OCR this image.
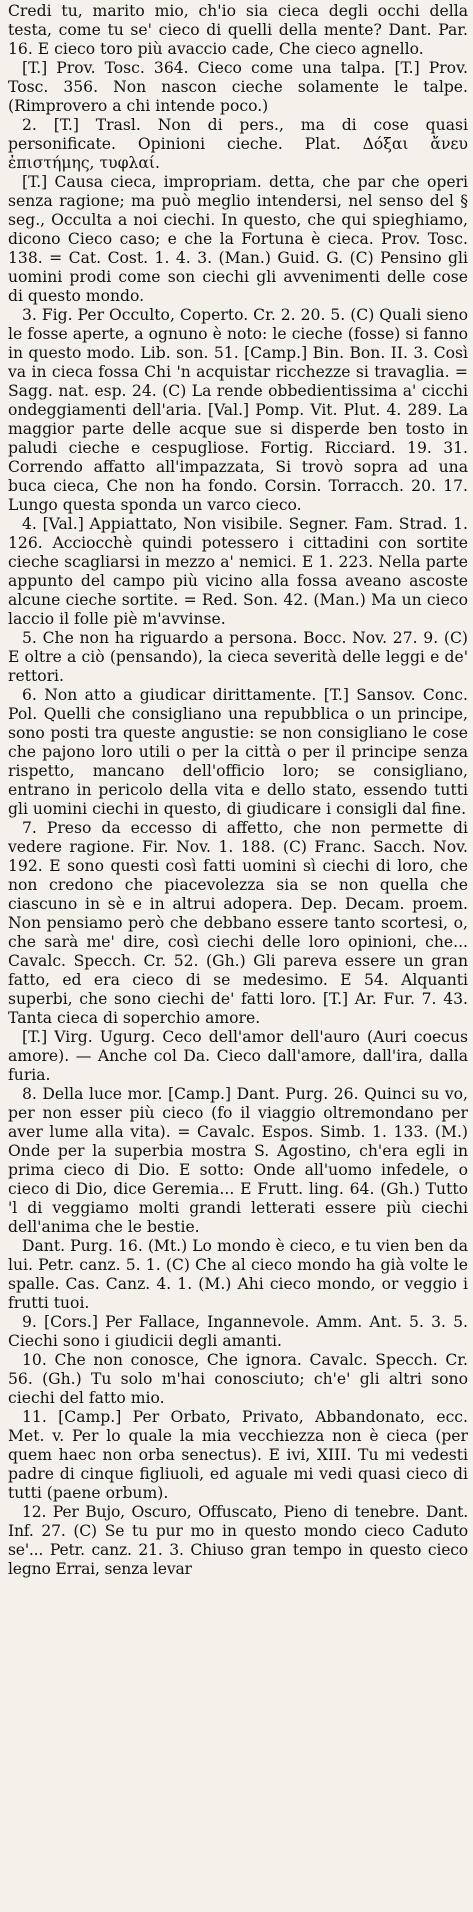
Credi tu, marito mio, ch'io sia cieca degli occhi della testa, come tu se' cieco di quelli della mente? Dant. Par. 16. E cieco toro più avaccio cade, Che cieco agnello.

[T.] Prov. Tosc. 364. Cieco come una talpa. [T.] Prov. Tosc. 356. Non nascon cieche solamente le talpe. (Rimprovero a chi intende poco.)

2. [T.] Trasl. Non di pers., ma di cose quasi personificate. Opinioni cieche. Plat. Δόξαι ἄνευ ἐπιστήμης, τυφλαί.

[T.] Causa cieca, impropriam. detta, che par che operi senza ragione; ma può meglio intendersi, nel senso del § seg., Occulta a noi ciechi. In questo, che qui spieghiamo, dicono Cieco caso; e che la Fortuna è cieca. Prov. Tosc. 138. = Cat. Cost. 1. 4. 3. (Man.) Guid. G. (C) Pensino gli uomini prodi come son ciechi gli avvenimenti delle cose di questo mondo.

3. Fig. Per Occulto, Coperto. Cr. 2. 20. 5. (C) Quali sieno le fosse aperte, a ognuno è noto: le cieche (fosse) si fanno in questo modo. Lib. son. 51. [Camp.] Bin. Bon. II. 3. Così va in cieca fossa Chi 'n acquistar ricchezze si travaglia. = Sagg. nat. esp. 24. (C) La rende obbedientissima a' cicchi ondeggiamenti dell'aria. [Val.] Pomp. Vit. Plut. 4. 289. La maggior parte delle acque sue si disperde ben tosto in paludi cieche e cespugliose. Fortig. Ricciard. 19. 31. Correndo affatto all'impazzata, Si trovò sopra ad una buca cieca, Che non ha fondo. Corsin. Torracch. 20. 17. Lungo questa sponda un varco cieco.

4. [Val.] Appiattato, Non visibile. Segner. Fam. Strad. 1. 126. Acciocchè quindi potessero i cittadini con sortite cieche scagliarsi in mezzo a' nemici. E 1. 223. Nella parte appunto del campo più vicino alla fossa aveano ascoste alcune cieche sortite. = Red. Son. 42. (Man.) Ma un cieco laccio il folle piè m'avvinse.

5. Che non ha riguardo a persona. Bocc. Nov. 27. 9. (C) E oltre a ciò (pensando), la cieca severità delle leggi e de' rettori.

6. Non atto a giudicar dirittamente. [T.] Sansov. Conc. Pol. Quelli che consigliano una repubblica o un principe, sono posti tra queste angustie: se non consigliano le cose che pajono loro utili o per la città o per il principe senza rispetto, mancano dell'officio loro; se consigliano, entrano in pericolo della vita e dello stato, essendo tutti gli uomini ciechi in questo, di giudicare i consigli dal fine.

7. Preso da eccesso di affetto, che non permette di vedere ragione. Fir. Nov. 1. 188. (C) Franc. Sacch. Nov. 192. E sono questi così fatti uomini sì ciechi di loro, che non credono che piacevolezza sia se non quella che ciascuno in sè e in altrui adopera. Dep. Decam. proem. Non pensiamo però che debbano essere tanto scortesi, o, che sarà me' dire, così ciechi delle loro opinioni, che... Cavalc. Specch. Cr. 52. (Gh.) Gli pareva essere un gran fatto, ed era cieco di se medesimo. E 54. Alquanti superbi, che sono ciechi de' fatti loro. [T.] Ar. Fur. 7. 43. Tanta cieca di soperchio amore.

[T.] Virg. Ugurg. Ceco dell'amor dell'auro (Auri coecus amore). — Anche col Da. Cieco dall'amore, dall'ira, dalla furia.

8. Della luce mor. [Camp.] Dant. Purg. 26. Quinci su vo, per non esser più cieco (fo il viaggio oltremondano per aver lume alla vita). = Cavalc. Espos. Simb. 1. 133. (M.) Onde per la superbia mostra S. Agostino, ch'era egli in prima cieco di Dio. E sotto: Onde all'uomo infedele, o cieco di Dio, dice Geremia... E Frutt. ling. 64. (Gh.) Tutto 'l di veggiamo molti grandi letterati essere più ciechi dell'anima che le bestie.

Dant. Purg. 16. (Mt.) Lo mondo è cieco, e tu vien ben da lui. Petr. canz. 5. 1. (C) Che al cieco mondo ha già volte le spalle. Cas. Canz. 4. 1. (M.) Ahi cieco mondo, or veggio i frutti tuoi.

9. [Cors.] Per Fallace, Ingannevole. Amm. Ant. 5. 3. 5. Ciechi sono i giudicii degli amanti.

10. Che non conosce, Che ignora. Cavalc. Specch. Cr. 56. (Gh.) Tu solo m'hai conosciuto; ch'e' gli altri sono ciechi del fatto mio.

11. [Camp.] Per Orbato, Privato, Abbandonato, ecc. Met. v. Per lo quale la mia vecchiezza non è cieca (per quem haec non orba senectus). E ivi, XIII. Tu mi vedesti padre di cinque figliuoli, ed aguale mi vedi quasi cieco di tutti (paene orbum).

12. Per Bujo, Oscuro, Offuscato, Pieno di tenebre. Dant. Inf. 27. (C) Se tu pur mo in questo mondo cieco Caduto se'... Petr. canz. 21. 3. Chiuso gran tempo in questo cieco legno Errai, senza levar
